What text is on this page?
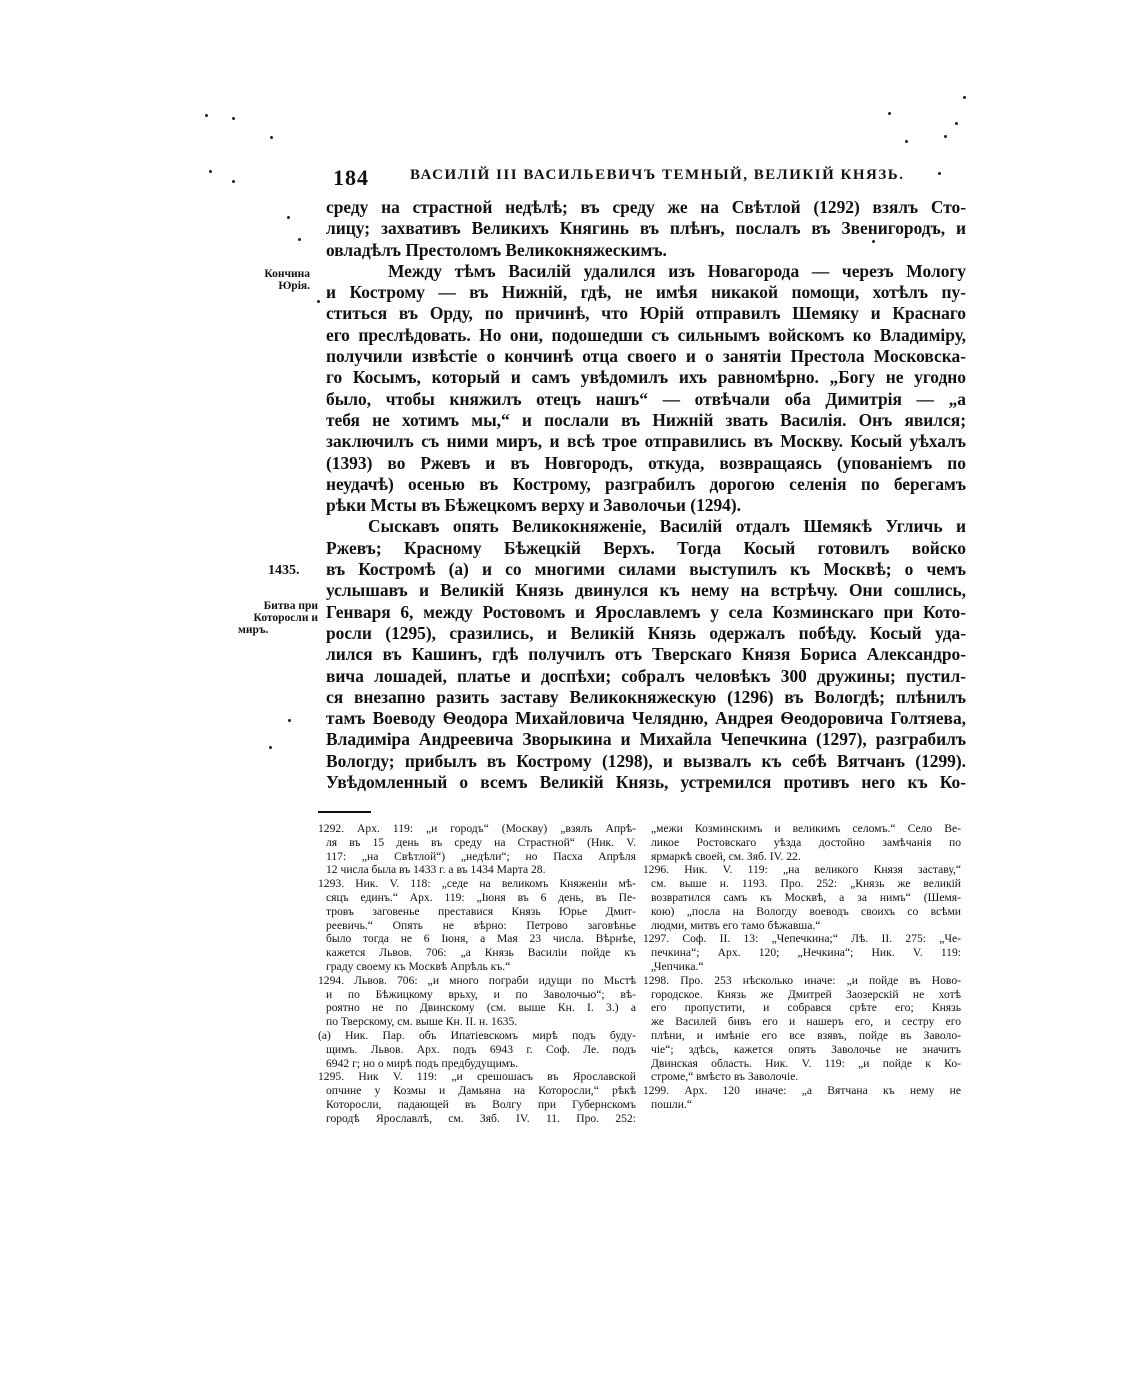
184	ВАСИЛІЙ III ВАСИЛЬЕВИЧЪ ТЕМНЫЙ, ВЕЛИКІЙ КНЯЗЬ.
Кончина
Юрія.
1435.
Битва при
Которосли и
миръ.
среду на страстной недѣлѣ; въ среду же на Свѣтлой (1292) взялъ Сто-
лицу; захвативъ Великихъ Княгинь въ плѣнъ, послалъ въ Звенигородъ, и
овладѣлъ Престоломъ Великокняжескимъ.
Между тѣмъ Василій удалился изъ Новагорода — черезъ Мологу
и Кострому — въ Нижній, гдѣ, не имѣя никакой помощи, хотѣлъ пу-
ститься въ Орду, по причинѣ, что Юрій отправилъ Шемяку и Краснаго
его преслѣдовать. Но они, подошедши съ сильнымъ войскомъ ко Владиміру,
получили извѣстіе о кончинѣ отца своего и о занятіи Престола Московска-
го Косымъ, который и самъ увѣдомилъ ихъ равномѣрно. „Богу не угодно
было, чтобы княжилъ отецъ нашъ“ — отвѣчали оба Димитрія — „а
тебя не хотимъ мы,“ и послали въ Нижній звать Василія. Онъ явился;
заключилъ съ ними миръ, и всѣ трое отправились въ Москву. Косый уѣхалъ
(1393) во Ржевъ и въ Новгородъ, откуда, возвращаясь (упованіемъ по
неудачѣ) осенью въ Кострому, разграбилъ дорогою селенія по берегамъ
рѣки Мсты въ Бѣжецкомъ верху и Заволочьи (1294).
Сыскавъ опять Великокняженіе, Василій отдалъ Шемякѣ Угличь и
Ржевъ; Красному Бѣжецкій Верхъ. Тогда Косый готовилъ войско
въ Костромѣ (а) и со многими силами выступилъ къ Москвѣ; о чемъ
услышавъ и Великій Князь двинулся къ нему на встрѣчу. Они сошлись,
Генваря 6, между Ростовомъ и Ярославлемъ у села Козминскаго при Кото-
росли (1295), сразились, и Великій Князь одержалъ побѣду. Косый уда-
лился въ Кашинъ, гдѣ получилъ отъ Тверскаго Князя Бориса Александро-
вича лошадей, платье и доспѣхи; собралъ человѣкъ 300 дружины; пустил-
ся внезапно разить заставу Великокняжескую (1296) въ Вологдѣ; плѣнилъ
тамъ Воеводу Ѳеодора Михайловича Челядню, Андрея Ѳеодоровича Голтяева,
Владиміра Андреевича Зворыкина и Михайла Чепечкина (1297), разграбилъ
Вологду; прибылъ въ Кострому (1298), и вызвалъ къ себѣ Вятчанъ (1299).
Увѣдомленный о всемъ Великій Князь, устремился противъ него къ Ко-
1292. Арх. 119: „и городъ“ (Москву) „взялъ Апрѣ-
ля въ 15 день въ среду на Страстной“ (Ник. V.
117: „на Свѣтлой“) „недѣли“; но Пасха Апрѣля
12 числа была въ 1433 г. а въ 1434 Марта 28.
1293. Ник. V. 118: „седе на великомъ Княженіи мѣ-
сяцъ единъ.“ Арх. 119: „Іюня въ 6 день, въ Пе-
тровъ заговенье преставися Князь Юрье Дмит-
реевичь.“ Опять не вѣрно: Петрово заговѣнье
было тогда не 6 Іюня, а Мая 23 числа. Вѣрнѣе,
кажется Львов. 706: „а Князь Василіи пойде къ
граду своему къ Москвѣ Апрѣль къ.“
1294. Львов. 706: „и много пограби идущи по Мьстѣ
и по Бѣжицкому врьху, и по Заволочью“; вѣ-
роятно не по Двинскому (см. выше Кн. I. 3.) а
по Тверскому, см. выше Кн. II. н. 1635.
(а) Ник. Пар. объ Ипатіевскомъ мирѣ подъ буду-
щимъ. Львов. Арх. подъ 6943 г. Соф. Ле. подъ
6942 г; но о мирѣ подъ предбудущимъ.
1295. Ник V. 119: „и срешошасъ въ Ярославской
опчине у Козмы и Дамьяна на Которосли,“ рѣкѣ
Которосли, падающей въ Волгу при Губернскомъ
городѣ Ярославлѣ, см. Зяб. IV. 11. Про. 252:
„межи Козминскимъ и великимъ селомъ.“ Село Ве-
ликое Ростовскаго уѣзда достойно замѣчанія по
ярмаркѣ своей, см. Зяб. IV. 22.
1296. Ник. V. 119: „на великого Князя заставу,“
см. выше н. 1193. Про. 252: „Князь же великій
возвратился самъ къ Москвѣ, а за нимъ“ (Шемя-
кою) „посла на Вологду воеводъ своихъ со всѣми
людми, митвъ его тамо бѣжавша.“
1297. Соф. II. 13: „Чепечкина;“ Лѣ. II. 275: „Че-
печкина“; Арх. 120; „Нечкина“; Ник. V. 119:
„Чепчика.“
1298. Про. 253 нѣсколько иначе: „и пойде въ Ново-
городское. Князь же Дмитрей Заозерскій не хотѣ
его пропустити, и собрався срѣте его; Князь
же Василей бивъ его и нашеръ его, и сестру его
плѣни, и имѣніе его все взявъ, пойде въ Заволо-
чіе“; здѣсь, кажется опять Заволочье не значитъ
Двинская область. Ник. V. 119: „и пойде к Ко-
строме,“ вмѣсто въ Заволочіе.
1299. Арх. 120 иначе: „а Вятчана къ нему не
пошли.“
